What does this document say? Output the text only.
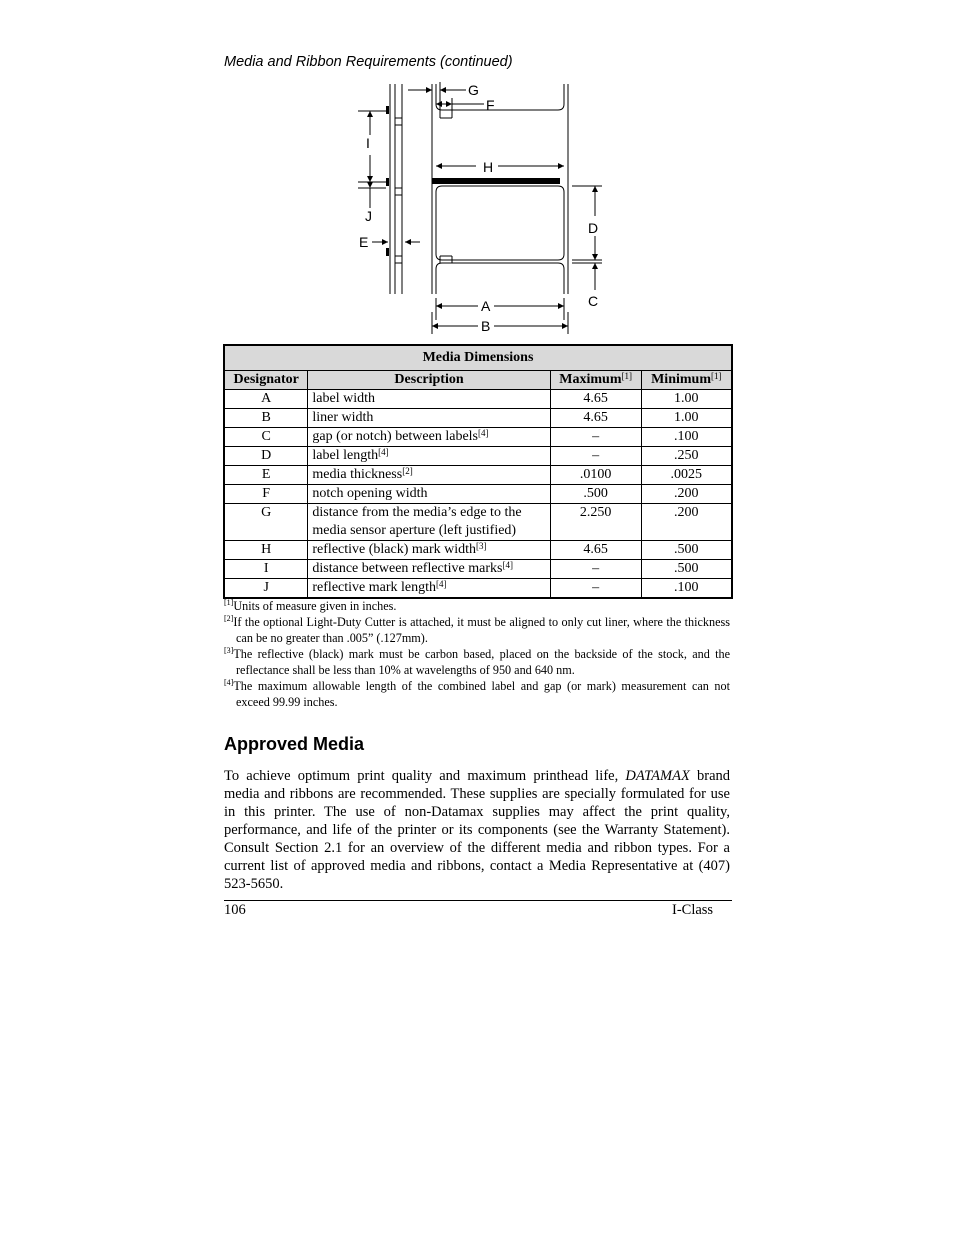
Media and Ribbon Requirements (continued)
G
F
I
J
E
H
D
C
A
B
Media Dimensions			
Designator	Description	Maximum[1]	Minimum[1]
A	label width	4.65	1.00
B	liner width	4.65	1.00
C	gap (or notch) between labels[4]	–	.100
D	label length[4]	–	.250
E	media thickness[2]	.0100	.0025
F	notch opening width	.500	.200
G	distance from the media’s edge to the media sensor aperture (left justified)	2.250	.200
H	reflective (black) mark width[3]	4.65	.500
I	distance between reflective marks[4]	–	.500
J	reflective mark length[4]	–	.100
[1]Units of measure given in inches.
[2]If the optional Light-Duty Cutter is attached, it must be aligned to only cut liner, where the thickness can be no greater than .005” (.127mm).
[3]The reflective (black) mark must be carbon based, placed on the backside of the stock, and the reflectance shall be less than 10% at wavelengths of 950 and 640 nm.
[4]The maximum allowable length of the combined label and gap (or mark) measurement can not exceed 99.99 inches.
Approved Media
To achieve optimum print quality and maximum printhead life, DATAMAX brand media and ribbons are recommended. These supplies are specially formulated for use in this printer. The use of non-Datamax supplies may affect the print quality, performance, and life of the printer or its components (see the Warranty Statement). Consult Section 2.1 for an overview of the different media and ribbon types. For a current list of approved media and ribbons, contact a Media Representative at (407) 523-5650.
106	I-Class
